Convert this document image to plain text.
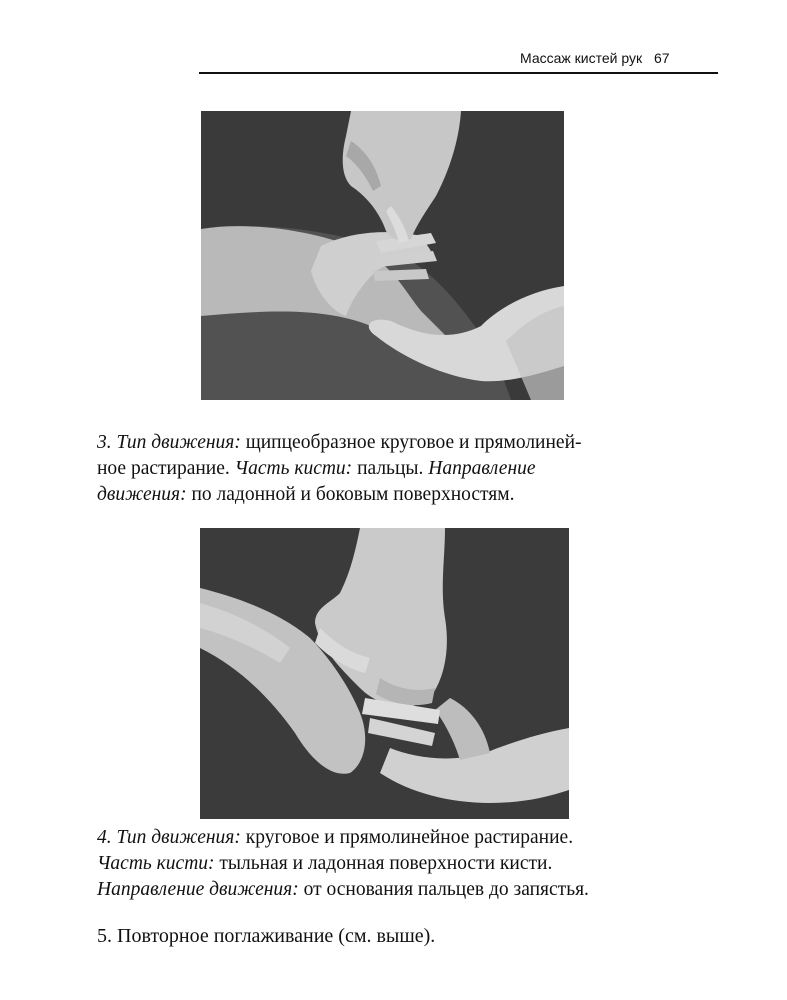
Массаж кистей рук 67

3. Тип движения: щипцеобразное круговое и прямолиней-

ное растирание. Часть кисти: пальцы. Направление

движения: по ладонной и боковым поверхностям.

4. Тип движения: круговое и прямолинейное растирание.

Часть кисти: тыльная и ладонная поверхности кисти.

Направление движения: от основания пальцев до запястья.

5. Повторное поглаживание (см. выше).
